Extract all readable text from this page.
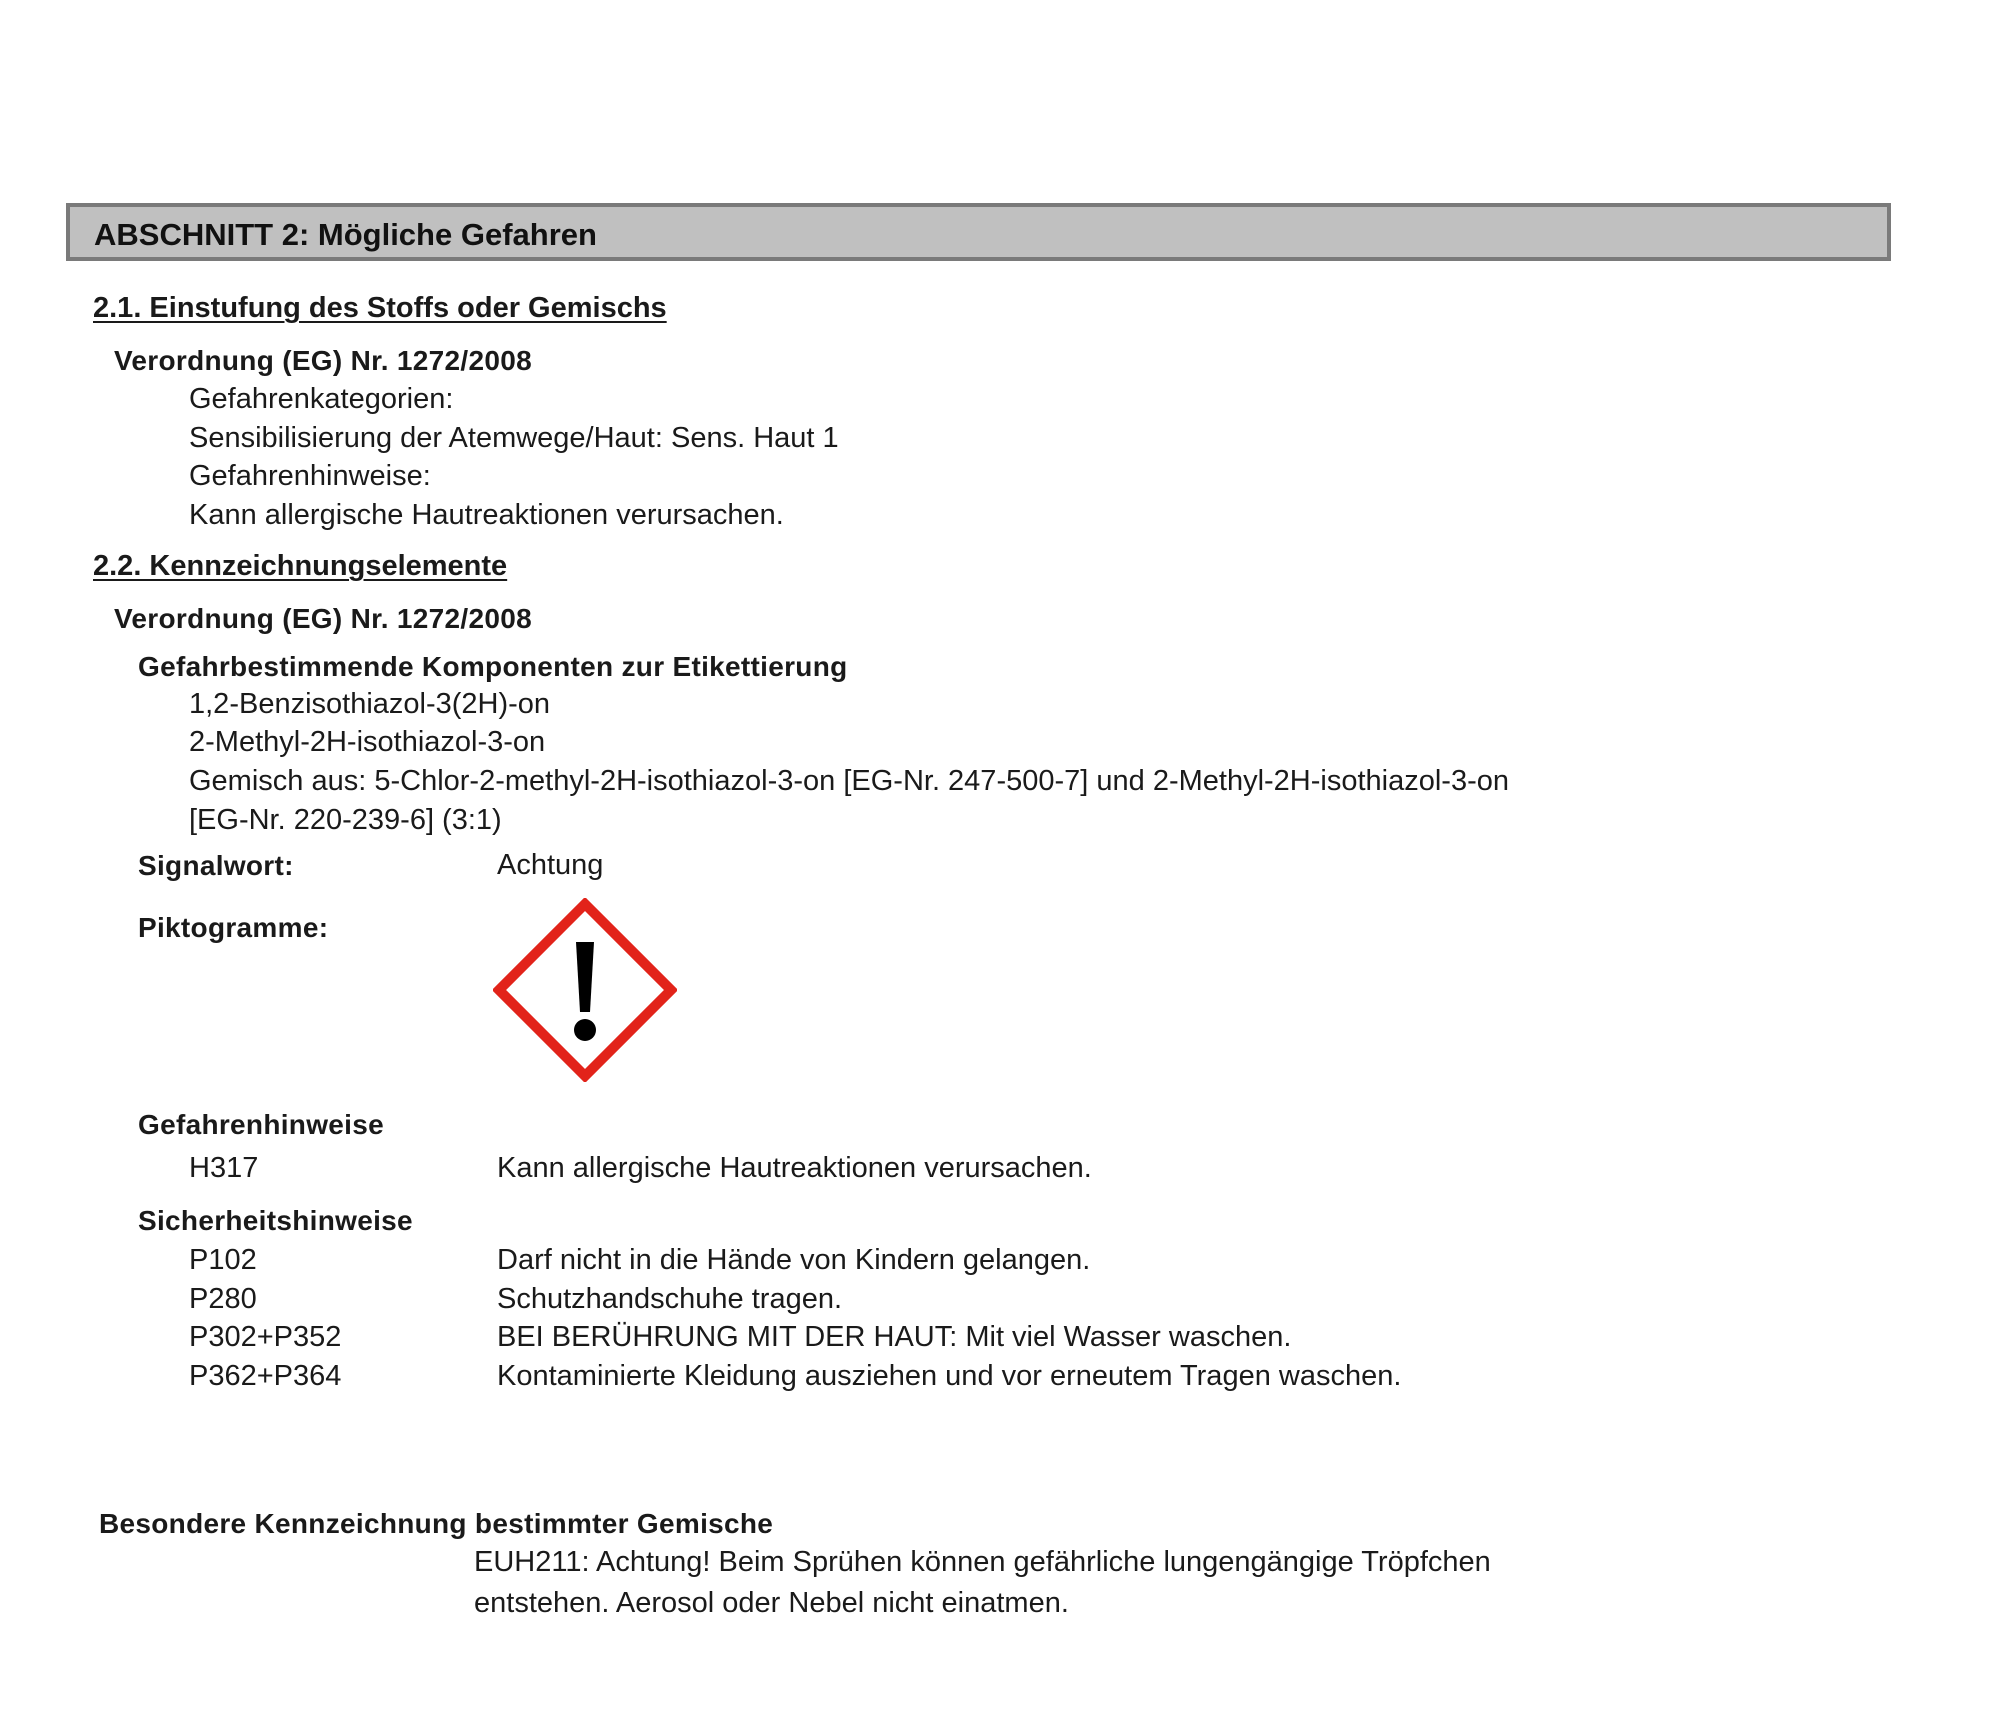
ABSCHNITT 2: Mögliche Gefahren
2.1. Einstufung des Stoffs oder Gemischs
Verordnung (EG) Nr. 1272/2008
Gefahrenkategorien:
Sensibilisierung der Atemwege/Haut: Sens. Haut 1
Gefahrenhinweise:
Kann allergische Hautreaktionen verursachen.
2.2. Kennzeichnungselemente
Verordnung (EG) Nr. 1272/2008
Gefahrbestimmende Komponenten zur Etikettierung
1,2-Benzisothiazol-3(2H)-on
2-Methyl-2H-isothiazol-3-on
Gemisch aus: 5-Chlor-2-methyl-2H-isothiazol-3-on [EG-Nr. 247-500-7] und 2-Methyl-2H-isothiazol-3-on
[EG-Nr. 220-239-6] (3:1)
Signalwort:	Achtung
Piktogramme:
Gefahrenhinweise
H317	Kann allergische Hautreaktionen verursachen.
Sicherheitshinweise
P102	Darf nicht in die Hände von Kindern gelangen.
P280	Schutzhandschuhe tragen.
P302+P352	BEI BERÜHRUNG MIT DER HAUT: Mit viel Wasser waschen.
P362+P364	Kontaminierte Kleidung ausziehen und vor erneutem Tragen waschen.
Besondere Kennzeichnung bestimmter Gemische
EUH211: Achtung! Beim Sprühen können gefährliche lungengängige Tröpfchen
entstehen. Aerosol oder Nebel nicht einatmen.
